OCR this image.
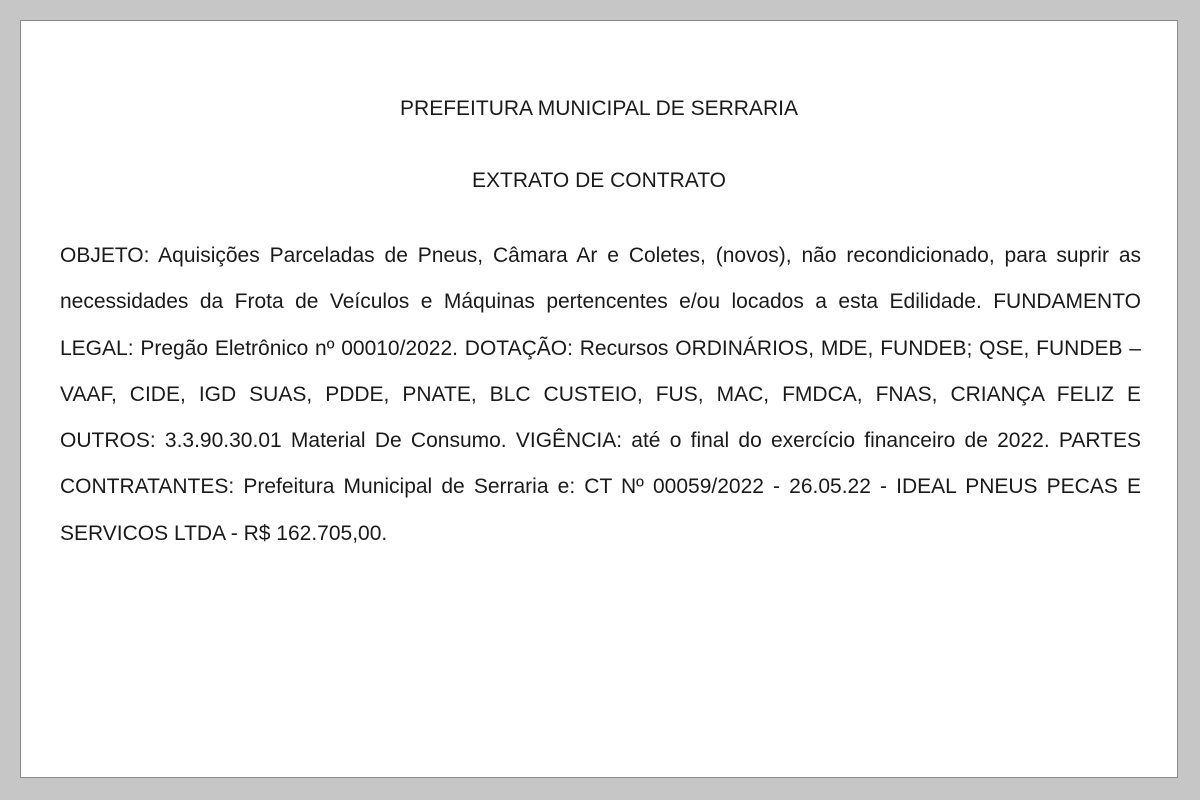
PREFEITURA MUNICIPAL DE SERRARIA
EXTRATO DE CONTRATO

OBJETO: Aquisições Parceladas de Pneus, Câmara Ar e Coletes, (novos), não recondicionado, para suprir as necessidades da Frota de Veículos e Máquinas pertencentes e/ou locados a esta Edilidade. FUNDAMENTO LEGAL: Pregão Eletrônico nº 00010/2022. DOTAÇÃO: Recursos ORDINÁRIOS, MDE, FUNDEB; QSE, FUNDEB – VAAF, CIDE, IGD SUAS, PDDE, PNATE, BLC CUSTEIO, FUS, MAC, FMDCA, FNAS, CRIANÇA FELIZ E OUTROS: 3.3.90.30.01 Material De Consumo. VIGÊNCIA: até o final do exercício financeiro de 2022. PARTES CONTRATANTES: Prefeitura Municipal de Serraria e: CT Nº 00059/2022 - 26.05.22 - IDEAL PNEUS PECAS E SERVICOS LTDA - R$ 162.705,00.
